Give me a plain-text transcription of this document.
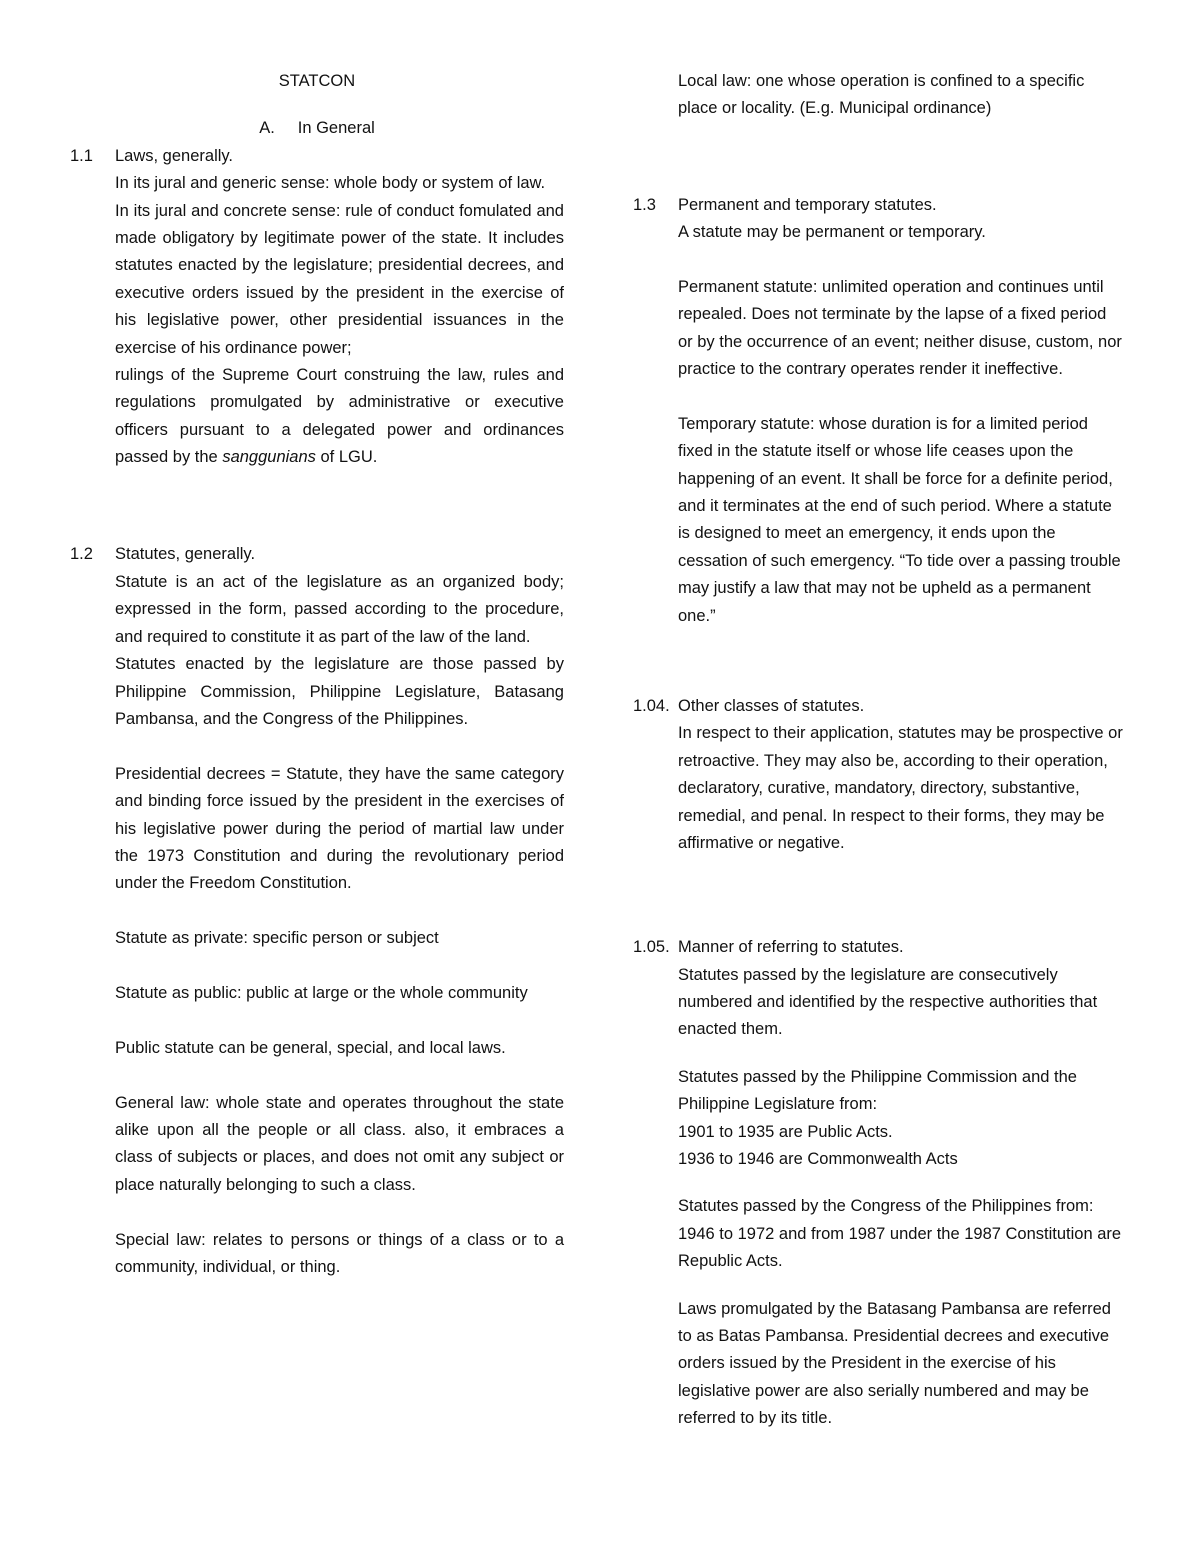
STATCON

A. In General

1.1	Laws, generally.

In its jural and generic sense: whole body or system of law.

In its jural and concrete sense: rule of conduct fomulated and made obligatory by legitimate power of the state. It includes statutes enacted by the legislature; presidential decrees, and executive orders issued by the president in the exercise of his legislative power, other presidential issuances in the exercise of his ordinance power;

rulings of the Supreme Court construing the law, rules and regulations promulgated by administrative or executive officers pursuant to a delegated power and ordinances passed by the sanggunians of LGU.

1.2	Statutes, generally.

Statute is an act of the legislature as an organized body; expressed in the form, passed according to the procedure, and required to constitute it as part of the law of the land.

Statutes enacted by the legislature are those passed by Philippine Commission, Philippine Legislature, Batasang Pambansa, and the Congress of the Philippines.

Presidential decrees = Statute, they have the same category and binding force issued by the president in the exercises of his legislative power during the period of martial law under the 1973 Constitution and during the revolutionary period under the Freedom Constitution.

Statute as private: specific person or subject

Statute as public: public at large or the whole community

Public statute can be general, special, and local laws.

General law: whole state and operates throughout the state alike upon all the people or all class. also, it embraces a class of subjects or places, and does not omit any subject or place naturally belonging to such a class.

Special law: relates to persons or things of a class or to a community, individual, or thing.

Local law: one whose operation is confined to a specific place or locality. (E.g. Municipal ordinance)

1.3	Permanent and temporary statutes.

A statute may be permanent or temporary.

Permanent statute: unlimited operation and continues until repealed. Does not terminate by the lapse of a fixed period or by the occurrence of an event; neither disuse, custom, nor practice to the contrary operates render it ineffective.

Temporary statute: whose duration is for a limited period fixed in the statute itself or whose life ceases upon the happening of an event. It shall be force for a definite period, and it terminates at the end of such period. Where a statute is designed to meet an emergency, it ends upon the cessation of such emergency. “To tide over a passing trouble may justify a law that may not be upheld as a permanent one.”

1.04. Other classes of statutes.

In respect to their application, statutes may be prospective or retroactive. They may also be, according to their operation, declaratory, curative, mandatory, directory, substantive, remedial, and penal. In respect to their forms, they may be affirmative or negative.

1.05. Manner of referring to statutes.

Statutes passed by the legislature are consecutively numbered and identified by the respective authorities that enacted them.

Statutes passed by the Philippine Commission and the Philippine Legislature from:

1901 to 1935 are Public Acts.

1936 to 1946 are Commonwealth Acts

Statutes passed by the Congress of the Philippines from: 1946 to 1972 and from 1987 under the 1987 Constitution are Republic Acts.

Laws promulgated by the Batasang Pambansa are referred to as Batas Pambansa. Presidential decrees and executive orders issued by the President in the exercise of his legislative power are also serially numbered and may be referred to by its title.
